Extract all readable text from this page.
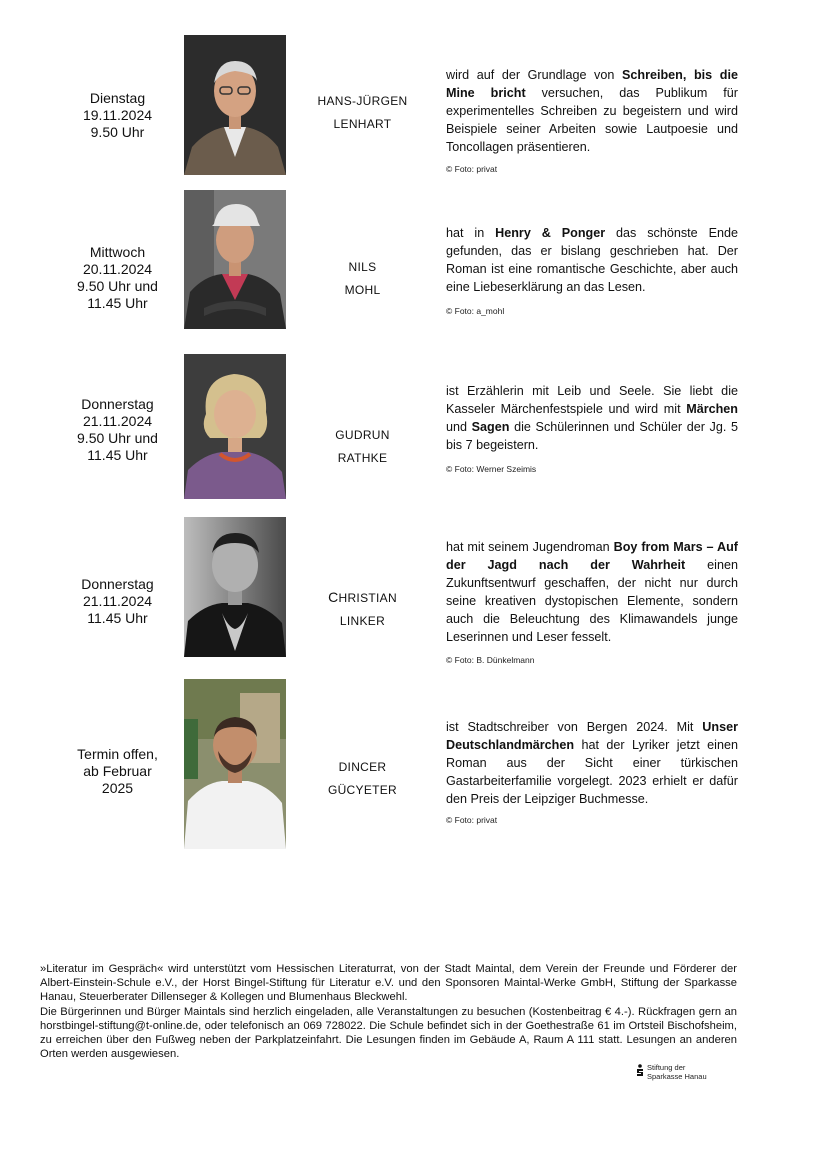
Dienstag
19.11.2024
9.50 Uhr
HANS-JÜRGEN
LENHART
wird auf der Grundlage von Schreiben, bis die Mine bricht versuchen, das Publikum für experimentelles Schreiben zu begeistern und wird Beispiele seiner Arbeiten sowie Lautpoesie und Toncollagen präsentieren.
© Foto: privat
Mittwoch
20.11.2024
9.50 Uhr und
11.45 Uhr
NILS
MOHL
hat in Henry & Ponger das schönste Ende gefunden, das er bislang geschrieben hat. Der Roman ist eine romantische Geschichte, aber auch eine Liebeserklärung an das Lesen.
© Foto: a_mohl
Donnerstag
21.11.2024
9.50 Uhr und
11.45 Uhr
GUDRUN
RATHKE
ist Erzählerin mit Leib und Seele. Sie liebt die Kasseler Märchenfestspiele und wird mit Märchen und Sagen die Schülerinnen und Schüler der Jg. 5 bis 7 begeistern.
© Foto: Werner Szeimis
Donnerstag
21.11.2024
11.45 Uhr
CHRISTIAN
LINKER
hat mit seinem Jugendroman Boy from Mars – Auf der Jagd nach der Wahrheit einen Zukunftsentwurf geschaffen, der nicht nur durch seine kreativen dystopischen Elemente, sondern auch die Beleuchtung des Klimawandels junge Leserinnen und Leser fesselt.
© Foto: B. Dünkelmann
Termin offen,
ab Februar
2025
DINCER
GÜCYETER
ist Stadtschreiber von Bergen 2024. Mit Unser Deutschlandmärchen hat der Lyriker jetzt einen Roman aus der Sicht einer türkischen Gastarbeiterfamilie vorgelegt. 2023 erhielt er dafür den Preis der Leipziger Buchmesse.
© Foto: privat

»Literatur im Gespräch« wird unterstützt vom Hessischen Literaturrat, von der Stadt Maintal, dem Verein der Freunde und Förderer der Albert-Einstein-Schule e.V., der Horst Bingel-Stiftung für Literatur e.V. und den Sponsoren Maintal-Werke GmbH, Stiftung der Sparkasse Hanau, Steuerberater Dillenseger & Kollegen und Blumenhaus Bleckwehl.

Die Bürgerinnen und Bürger Maintals sind herzlich eingeladen, alle Veranstaltungen zu besuchen (Kostenbeitrag € 4.-). Rückfragen gern an horstbingel-stiftung@t-online.de, oder telefonisch an 069 728022. Die Schule befindet sich in der Goethestraße 61 im Ortsteil Bischofsheim, zu erreichen über den Fußweg neben der Parkplatzeinfahrt. Die Lesungen finden im Gebäude A, Raum A 111 statt. Lesungen an anderen Orten werden ausgewiesen.

Stiftung der
Sparkasse Hanau
